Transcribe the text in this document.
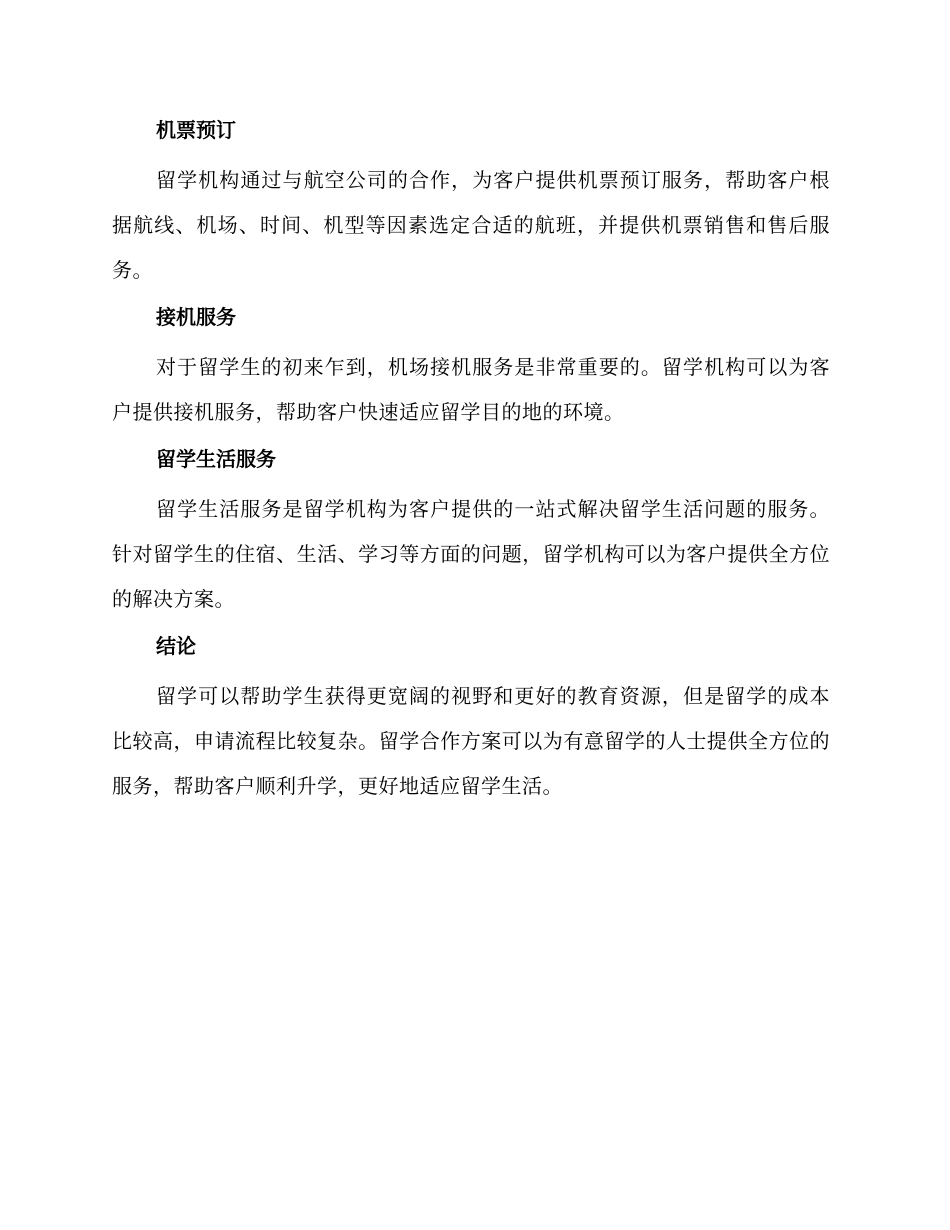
机票预订
留学机构通过与航空公司的合作，为客户提供机票预订服务，帮助客户根据航线、机场、时间、机型等因素选定合适的航班，并提供机票销售和售后服务。
接机服务
对于留学生的初来乍到，机场接机服务是非常重要的。留学机构可以为客户提供接机服务，帮助客户快速适应留学目的地的环境。
留学生活服务
留学生活服务是留学机构为客户提供的一站式解决留学生活问题的服务。针对留学生的住宿、生活、学习等方面的问题，留学机构可以为客户提供全方位的解决方案。
结论
留学可以帮助学生获得更宽阔的视野和更好的教育资源，但是留学的成本比较高，申请流程比较复杂。留学合作方案可以为有意留学的人士提供全方位的服务，帮助客户顺利升学，更好地适应留学生活。
